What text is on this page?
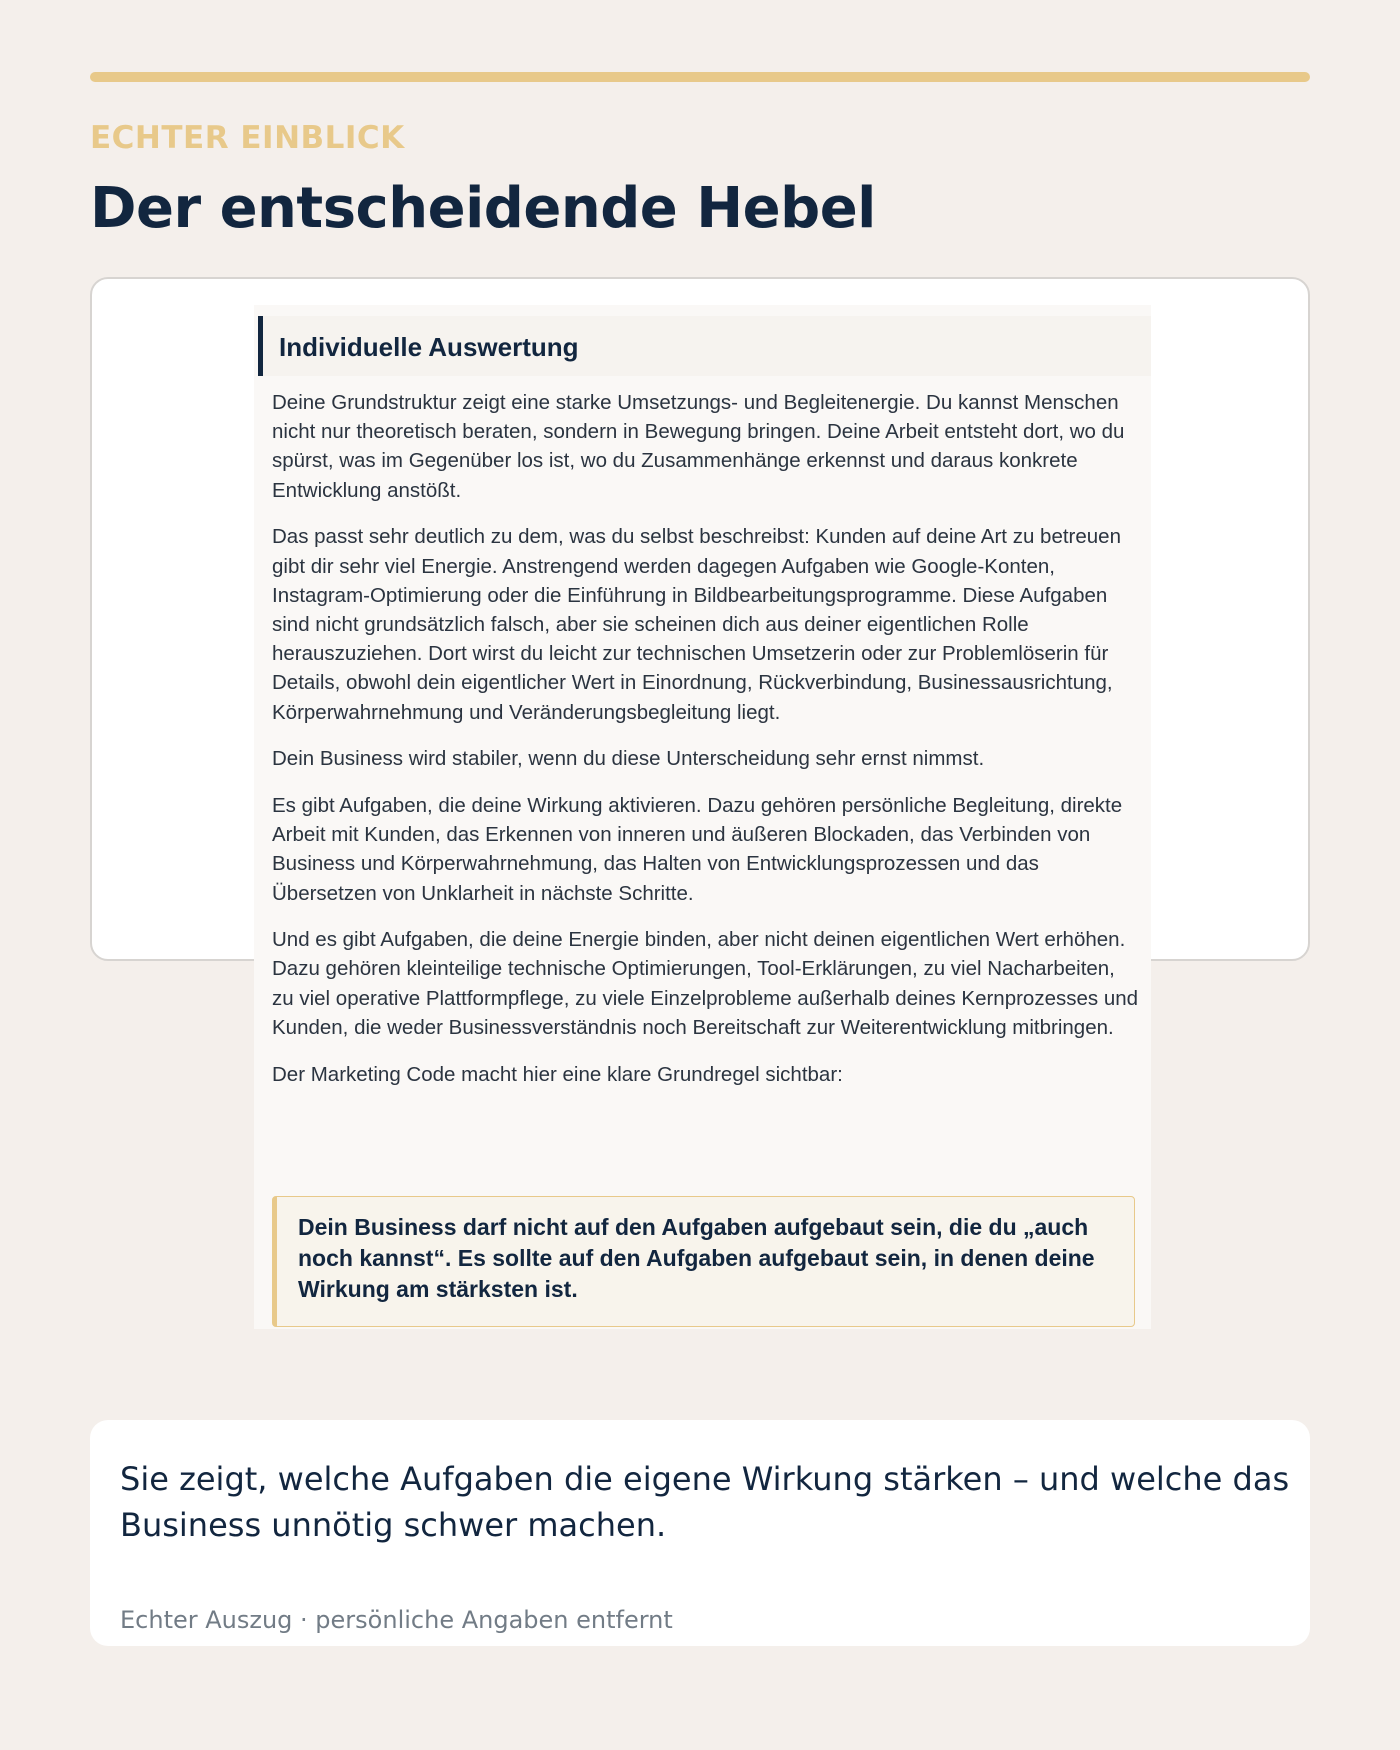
ECHTER EINBLICK
Der entscheidende Hebel
Individuelle Auswertung

Deine Grundstruktur zeigt eine starke Umsetzungs- und Begleitenergie. Du kannst Menschen nicht nur theoretisch beraten, sondern in Bewegung bringen. Deine Arbeit entsteht dort, wo du spürst, was im Gegenüber los ist, wo du Zusammenhänge erkennst und daraus konkrete Entwicklung anstößt.

Das passt sehr deutlich zu dem, was du selbst beschreibst: Kunden auf deine Art zu betreuen gibt dir sehr viel Energie. Anstrengend werden dagegen Aufgaben wie Google-Konten, Instagram-Optimierung oder die Einführung in Bildbearbeitungsprogramme. Diese Aufgaben sind nicht grundsätzlich falsch, aber sie scheinen dich aus deiner eigentlichen Rolle herauszuziehen. Dort wirst du leicht zur technischen Umsetzerin oder zur Problemlöserin für Details, obwohl dein eigentlicher Wert in Einordnung, Rückverbindung, Businessausrichtung, Körperwahrnehmung und Veränderungsbegleitung liegt.

Dein Business wird stabiler, wenn du diese Unterscheidung sehr ernst nimmst.

Es gibt Aufgaben, die deine Wirkung aktivieren. Dazu gehören persönliche Begleitung, direkte Arbeit mit Kunden, das Erkennen von inneren und äußeren Blockaden, das Verbinden von Business und Körperwahrnehmung, das Halten von Entwicklungsprozessen und das Übersetzen von Unklarheit in nächste Schritte.

Und es gibt Aufgaben, die deine Energie binden, aber nicht deinen eigentlichen Wert erhöhen. Dazu gehören kleinteilige technische Optimierungen, Tool-Erklärungen, zu viel Nacharbeiten, zu viel operative Plattformpflege, zu viele Einzelprobleme außerhalb deines Kernprozesses und Kunden, die weder Businessverständnis noch Bereitschaft zur Weiterentwicklung mitbringen.

Der Marketing Code macht hier eine klare Grundregel sichtbar:

Dein Business darf nicht auf den Aufgaben aufgebaut sein, die du „auch noch kannst“. Es sollte auf den Aufgaben aufgebaut sein, in denen deine Wirkung am stärksten ist.
Sie zeigt, welche Aufgaben die eigene Wirkung stärken – und welche das Business unnötig schwer machen.
Echter Auszug · persönliche Angaben entfernt
